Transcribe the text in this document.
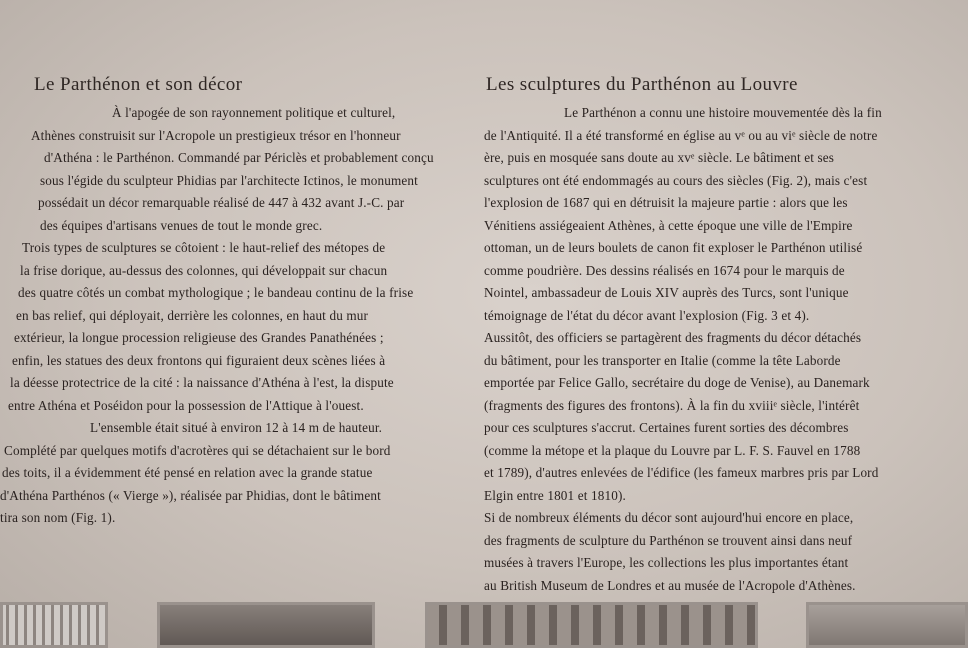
Le Parthénon et son décor
À l'apogée de son rayonnement politique et culturel,
Athènes construisit sur l'Acropole un prestigieux trésor en l'honneur
d'Athéna : le Parthénon. Commandé par Périclès et probablement conçu
sous l'égide du sculpteur Phidias par l'architecte Ictinos, le monument
possédait un décor remarquable réalisé de 447 à 432 avant J.-C. par
des équipes d'artisans venues de tout le monde grec.
Trois types de sculptures se côtoient : le haut-relief des métopes de
la frise dorique, au-dessus des colonnes, qui développait sur chacun
des quatre côtés un combat mythologique ; le bandeau continu de la frise
en bas relief, qui déployait, derrière les colonnes, en haut du mur
extérieur, la longue procession religieuse des Grandes Panathénées ;
enfin, les statues des deux frontons qui figuraient deux scènes liées à
la déesse protectrice de la cité : la naissance d'Athéna à l'est, la dispute
entre Athéna et Poséidon pour la possession de l'Attique à l'ouest.
L'ensemble était situé à environ 12 à 14 m de hauteur.
Complété par quelques motifs d'acrotères qui se détachaient sur le bord
des toits, il a évidemment été pensé en relation avec la grande statue
d'Athéna Parthénos (« Vierge »), réalisée par Phidias, dont le bâtiment
tira son nom (Fig. 1).
Les sculptures du Parthénon au Louvre
Le Parthénon a connu une histoire mouvementée dès la fin
de l'Antiquité. Il a été transformé en église au vᵉ ou au viᵉ siècle de notre
ère, puis en mosquée sans doute au xvᵉ siècle. Le bâtiment et ses
sculptures ont été endommagés au cours des siècles (Fig. 2), mais c'est
l'explosion de 1687 qui en détruisit la majeure partie : alors que les
Vénitiens assiégeaient Athènes, à cette époque une ville de l'Empire
ottoman, un de leurs boulets de canon fit exploser le Parthénon utilisé
comme poudrière. Des dessins réalisés en 1674 pour le marquis de
Nointel, ambassadeur de Louis XIV auprès des Turcs, sont l'unique
témoignage de l'état du décor avant l'explosion (Fig. 3 et 4).
Aussitôt, des officiers se partagèrent des fragments du décor détachés
du bâtiment, pour les transporter en Italie (comme la tête Laborde
emportée par Felice Gallo, secrétaire du doge de Venise), au Danemark
(fragments des figures des frontons). À la fin du xviiiᵉ siècle, l'intérêt
pour ces sculptures s'accrut. Certaines furent sorties des décombres
(comme la métope et la plaque du Louvre par L. F. S. Fauvel en 1788
et 1789), d'autres enlevées de l'édifice (les fameux marbres pris par Lord
Elgin entre 1801 et 1810).
Si de nombreux éléments du décor sont aujourd'hui encore en place,
des fragments de sculpture du Parthénon se trouvent ainsi dans neuf
musées à travers l'Europe, les collections les plus importantes étant
au British Museum de Londres et au musée de l'Acropole d'Athènes.
